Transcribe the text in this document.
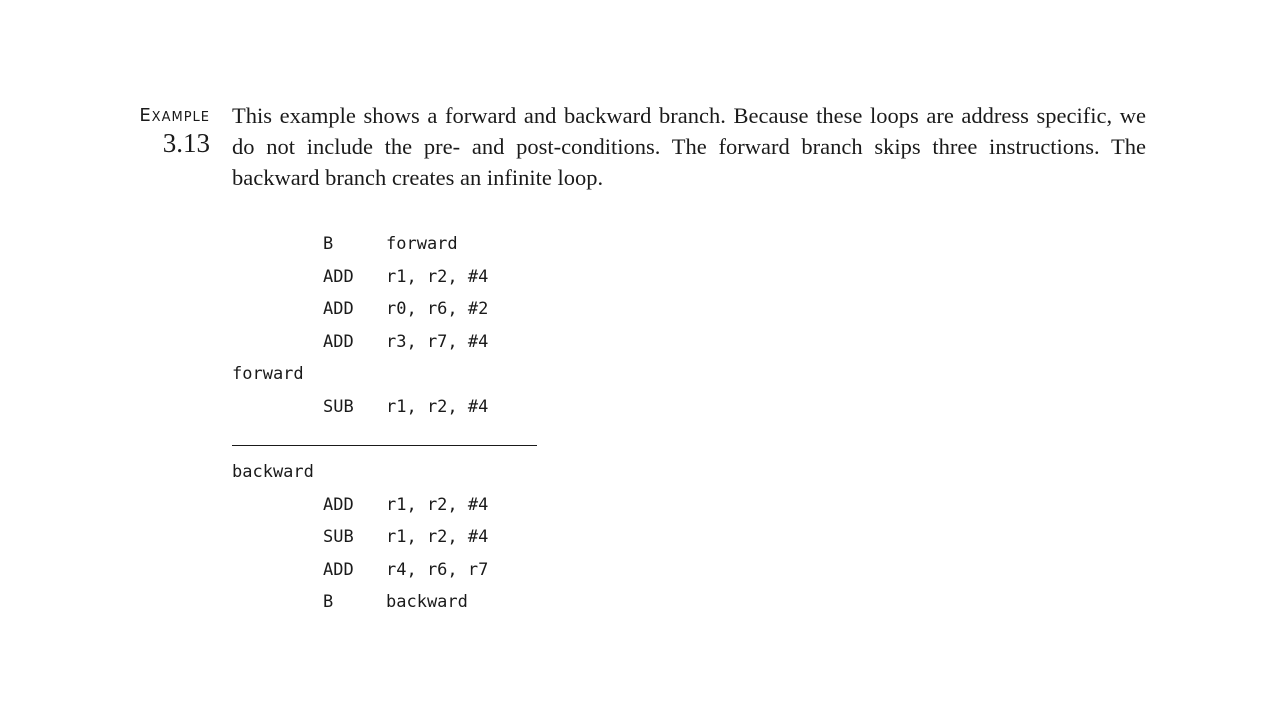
Example
3.13

This example shows a forward and backward branch. Because these loops are address specific, we do not include the pre- and post-conditions. The forward branch skips three instructions. The backward branch creates an infinite loop.

B	forward
ADD r1, r2, #4
ADD r0, r6, #2
ADD r3, r7, #4
forward
SUB r1, r2, #4
backward
ADD r1, r2, #4
SUB r1, r2, #4
ADD r4, r6, r7
B	backward
